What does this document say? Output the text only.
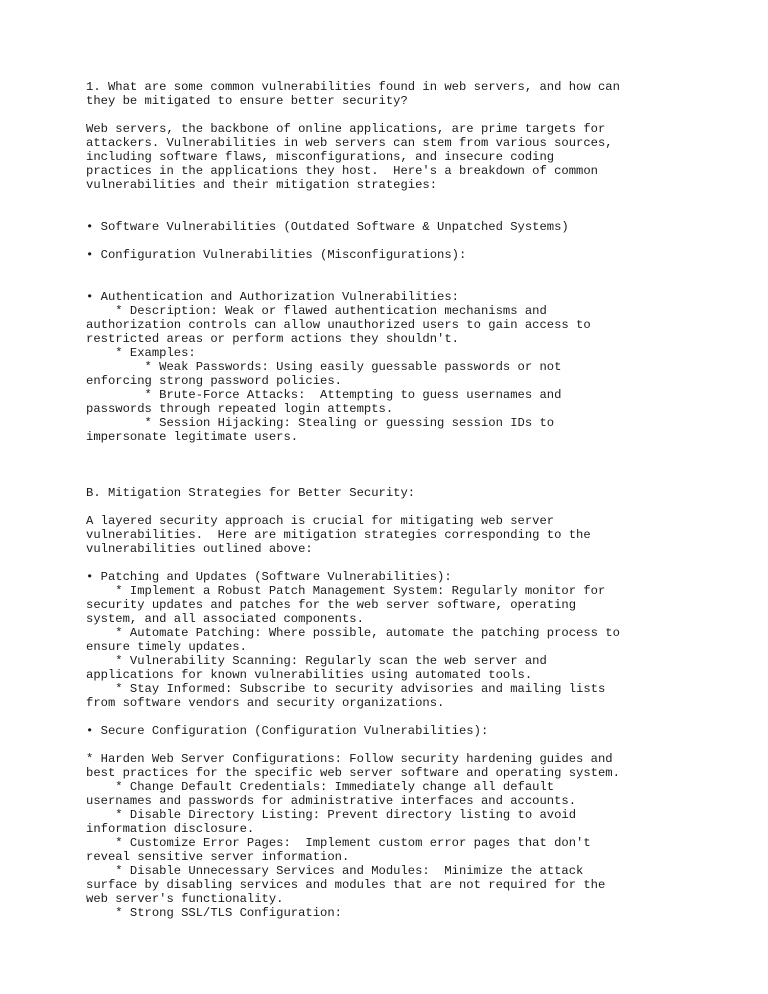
1. What are some common vulnerabilities found in web servers, and how can
they be mitigated to ensure better security?
Web servers, the backbone of online applications, are prime targets for
attackers. Vulnerabilities in web servers can stem from various sources,
including software flaws, misconfigurations, and insecure coding
practices in the applications they host.  Here's a breakdown of common
vulnerabilities and their mitigation strategies:
• Software Vulnerabilities (Outdated Software & Unpatched Systems)
• Configuration Vulnerabilities (Misconfigurations):
• Authentication and Authorization Vulnerabilities:
* Description: Weak or flawed authentication mechanisms and
authorization controls can allow unauthorized users to gain access to
restricted areas or perform actions they shouldn't.
* Examples:
* Weak Passwords: Using easily guessable passwords or not
enforcing strong password policies.
* Brute-Force Attacks:  Attempting to guess usernames and
passwords through repeated login attempts.
* Session Hijacking: Stealing or guessing session IDs to
impersonate legitimate users.
B. Mitigation Strategies for Better Security:
A layered security approach is crucial for mitigating web server
vulnerabilities.  Here are mitigation strategies corresponding to the
vulnerabilities outlined above:
• Patching and Updates (Software Vulnerabilities):
* Implement a Robust Patch Management System: Regularly monitor for
security updates and patches for the web server software, operating
system, and all associated components.
* Automate Patching: Where possible, automate the patching process to
ensure timely updates.
* Vulnerability Scanning: Regularly scan the web server and
applications for known vulnerabilities using automated tools.
* Stay Informed: Subscribe to security advisories and mailing lists
from software vendors and security organizations.
• Secure Configuration (Configuration Vulnerabilities):
* Harden Web Server Configurations: Follow security hardening guides and
best practices for the specific web server software and operating system.
* Change Default Credentials: Immediately change all default
usernames and passwords for administrative interfaces and accounts.
* Disable Directory Listing: Prevent directory listing to avoid
information disclosure.
* Customize Error Pages:  Implement custom error pages that don't
reveal sensitive server information.
* Disable Unnecessary Services and Modules:  Minimize the attack
surface by disabling services and modules that are not required for the
web server's functionality.
* Strong SSL/TLS Configuration:
